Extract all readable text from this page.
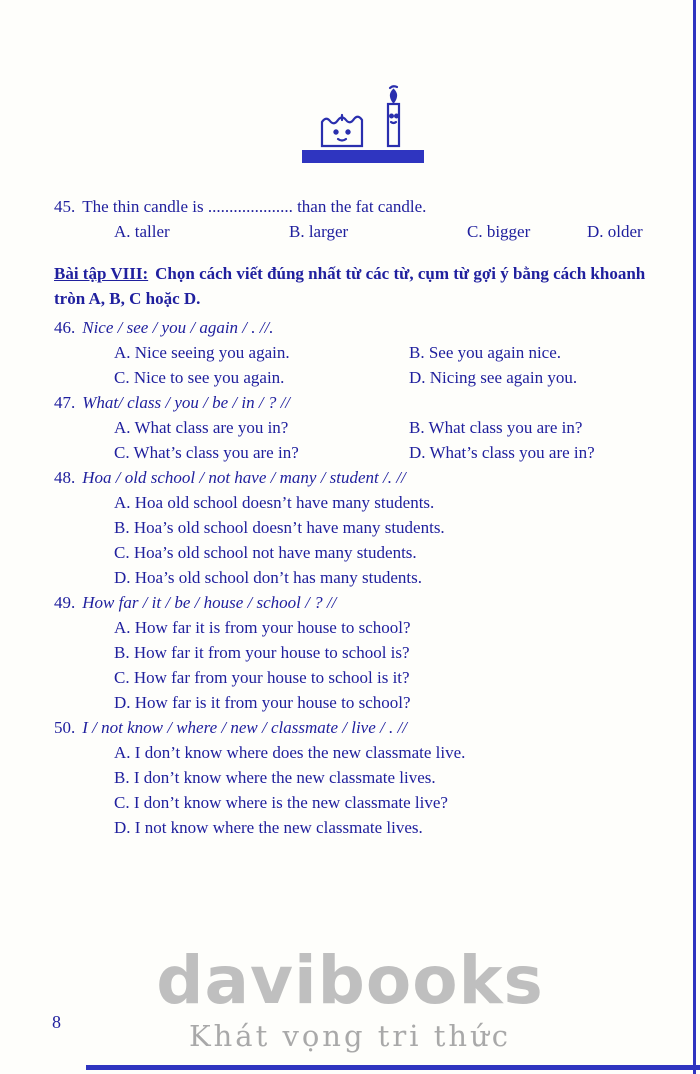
45. The thin candle is .................... than the fat candle.
A. taller	B. larger	C. bigger	D. older

Bài tập VIII: Chọn cách viết đúng nhất từ các từ, cụm từ gợi ý bằng cách khoanh tròn A, B, C hoặc D.

46. Nice / see / you / again / . //.
A. Nice seeing you again.	B. See you again nice.
C. Nice to see you again.	D. Nicing see again you.
47. What/ class / you / be / in / ? //
A. What class are you in?	B. What class you are in?
C. What’s class you are in?	D. What’s class you are in?
48. Hoa / old school / not have / many / student /. //
A. Hoa old school doesn’t have many students.
B. Hoa’s old school doesn’t have many students.
C. Hoa’s old school not have many students.
D. Hoa’s old school don’t has many students.
49. How far / it / be / house / school / ? //
A. How far it is from your house to school?
B. How far it from your house to school is?
C. How far from your house to school is it?
D. How far is it from your house to school?
50. I / not know / where / new / classmate / live / . //
A. I don’t know where does the new classmate live.
B. I don’t know where the new classmate lives.
C. I don’t know where is the new classmate live?
D. I not know where the new classmate lives.
davibooks
Khát vọng tri thức
8
